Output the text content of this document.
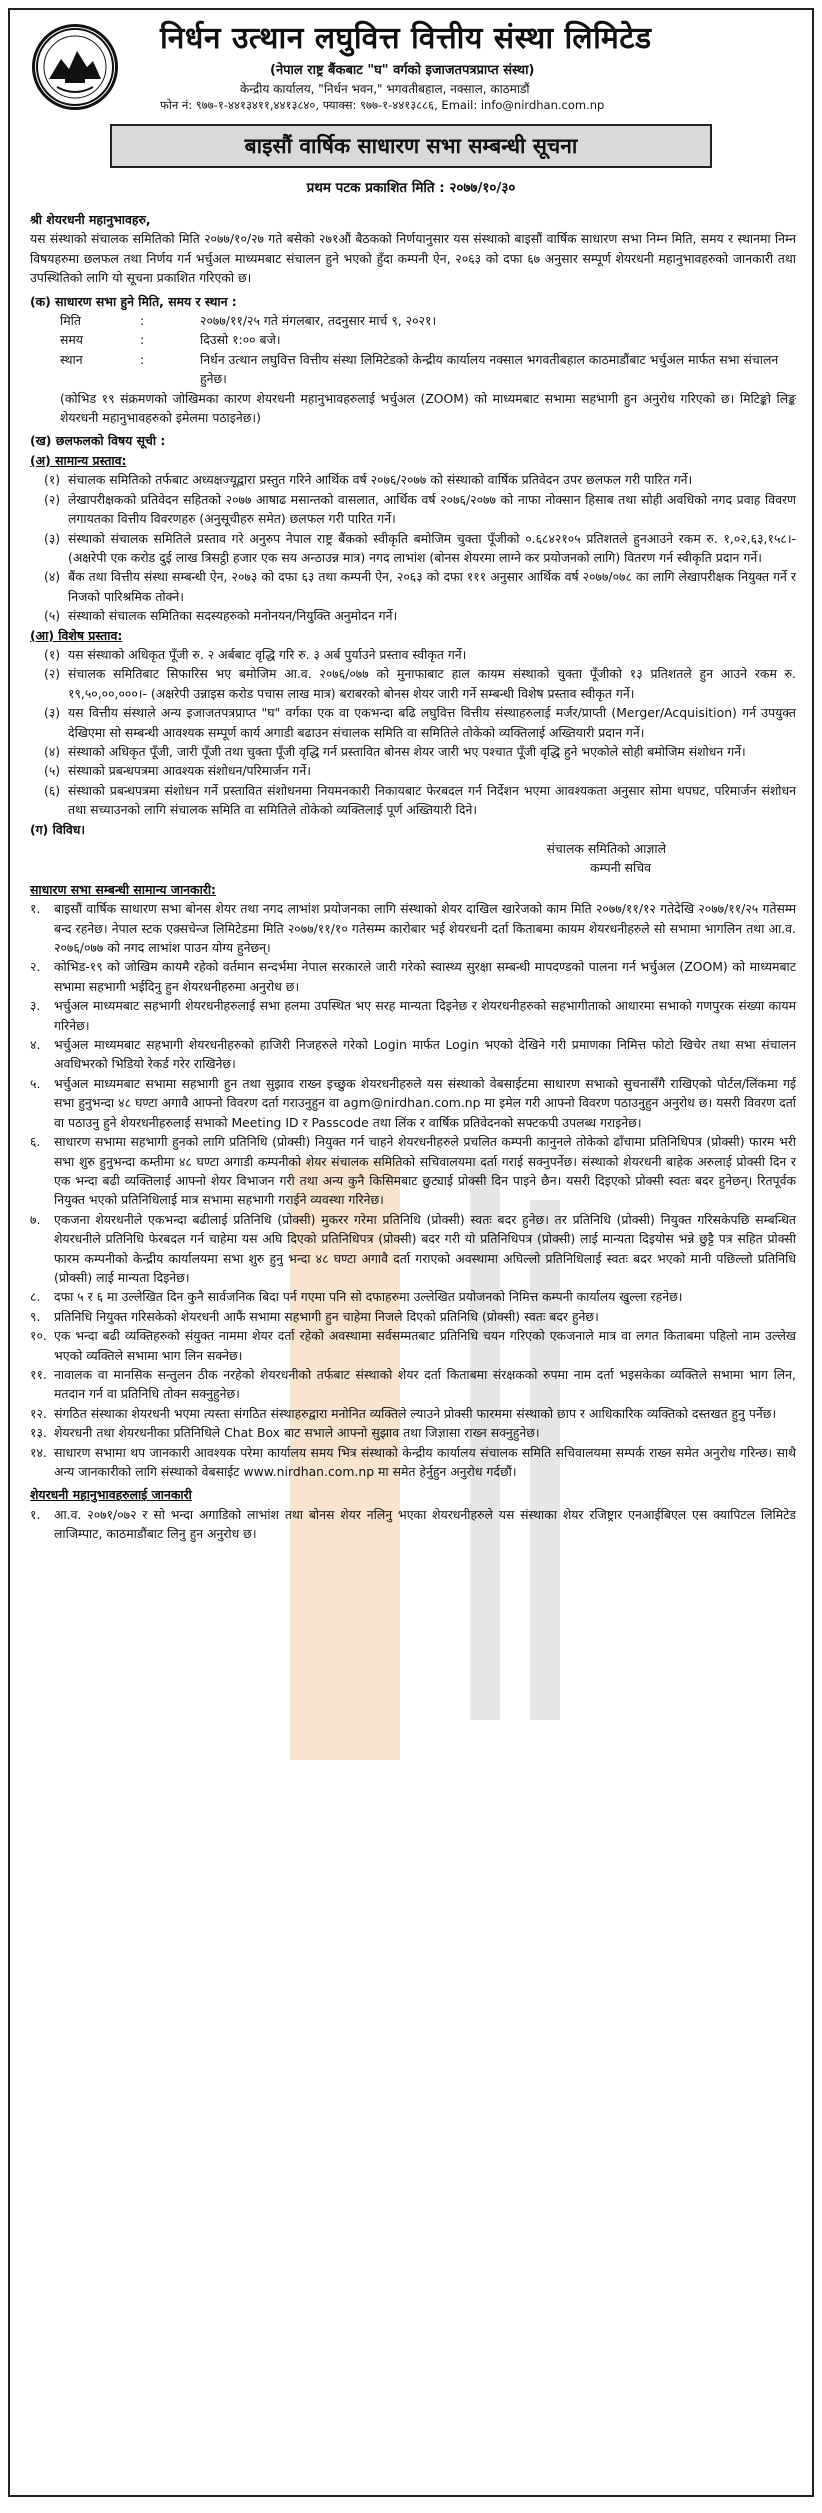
निर्धन उत्थान लघुवित्त वित्तीय संस्था लिमिटेड
(नेपाल राष्ट्र बैंकबाट "घ" वर्गको इजाजतपत्रप्राप्त संस्था)
केन्द्रीय कार्यालय, "निर्धन भवन," भगवतीबहाल, नक्साल, काठमाडौं
फोन नं: ९७७-१-४४१३४११,४४१३८४०, फ्याक्स: ९७७-१-४४१३८८६, Email: info@nirdhan.com.np
बाइसौं वार्षिक साधारण सभा सम्बन्धी सूचना
प्रथम पटक प्रकाशित मिति : २०७७/१०/३०

श्री शेयरधनी महानुभावहरु,

यस संस्थाको संचालक समितिको मिति २०७७/१०/२७ गते बसेको २७१औं बैठकको निर्णयानुसार यस संस्थाको बाइसौं वार्षिक साधारण सभा निम्न मिति, समय र स्थानमा निम्न विषयहरुमा छलफल तथा निर्णय गर्न भर्चुअल माध्यमबाट संचालन हुने भएको हुँदा कम्पनी ऐन, २०६३ को दफा ६७ अनुसार सम्पूर्ण शेयरधनी महानुभावहरुको जानकारी तथा उपस्थितिको लागि यो सूचना प्रकाशित गरिएको छ।

(क) साधारण सभा हुने मिति, समय र स्थान :

मिति	:	२०७७/११/२५ गते मंगलबार, तदनुसार मार्च ९, २०२१।
समय	:	दिउसो १:०० बजे।
स्थान	:	निर्धन उत्थान लघुवित्त वित्तीय संस्था लिमिटेडको केन्द्रीय कार्यालय नक्साल भगवतीबहाल काठमाडौंबाट भर्चुअल मार्फत सभा संचालन हुनेछ।

(कोभिड १९ संक्रमणको जोखिमका कारण शेयरधनी महानुभावहरुलाई भर्चुअल (ZOOM) को माध्यमबाट सभामा सहभागी हुन अनुरोध गरिएको छ। मिटिङ्को लिङ्क शेयरधनी महानुभावहरुको इमेलमा पठाइनेछ।)

(ख) छलफलको विषय सूची :

(अ) सामान्य प्रस्ताव:

(१) संचालक समितिको तर्फबाट अध्यक्षज्यूद्वारा प्रस्तुत गरिने आर्थिक वर्ष २०७६/२०७७ को संस्थाको वार्षिक प्रतिवेदन उपर छलफल गरी पारित गर्ने।
(२) लेखापरीक्षकको प्रतिवेदन सहितको २०७७ आषाढ मसान्तको वासलात, आर्थिक वर्ष २०७६/२०७७ को नाफा नोक्सान हिसाब तथा सोही अवधिको नगद प्रवाह विवरण लगायतका वित्तीय विवरणहरु (अनुसूचीहरु समेत) छलफल गरी पारित गर्ने।
(३) संस्थाको संचालक समितिले प्रस्ताव गरे अनुरुप नेपाल राष्ट्र बैंकको स्वीकृति बमोजिम चुक्ता पूँजीको ०.६८४२१०५ प्रतिशतले हुनआउने रकम रु. १,०२,६३,१५८।- (अक्षरेपी एक करोड दुई लाख त्रिसट्ठी हजार एक सय अन्ठाउन्न मात्र) नगद लाभांश (बोनस शेयरमा लाग्ने कर प्रयोजनको लागि) वितरण गर्न स्वीकृति प्रदान गर्ने।
(४) बैंक तथा वित्तीय संस्था सम्बन्धी ऐन, २०७३ को दफा ६३ तथा कम्पनी ऐन, २०६३ को दफा १११ अनुसार आर्थिक वर्ष २०७७/०७८ का लागि लेखापरीक्षक नियुक्त गर्ने र निजको पारिश्रमिक तोक्ने।
(५) संस्थाको संचालक समितिका सदस्यहरुको मनोनयन/नियुक्ति अनुमोदन गर्ने।

(आ) विशेष प्रस्ताव:

(१) यस संस्थाको अधिकृत पूँजी रु. २ अर्बबाट वृद्धि गरि रु. ३ अर्ब पुर्याउने प्रस्ताव स्वीकृत गर्ने।
(२) संचालक समितिबाट सिफारिस भए बमोजिम आ.व. २०७६/०७७ को मुनाफाबाट हाल कायम संस्थाको चुक्ता पूँजीको १३ प्रतिशतले हुन आउने रकम रु. १९,५०,००,०००।- (अक्षरेपी उन्नाइस करोड पचास लाख मात्र) बराबरको बोनस शेयर जारी गर्ने सम्बन्धी विशेष प्रस्ताव स्वीकृत गर्ने।
(३) यस वित्तीय संस्थाले अन्य इजाजतपत्रप्राप्त "घ" वर्गका एक वा एकभन्दा बढि लघुवित्त वित्तीय संस्थाहरुलाई मर्जर/प्राप्ती (Merger/Acquisition) गर्न उपयुक्त देखिएमा सो सम्बन्धी आवश्यक सम्पूर्ण कार्य अगाडी बढाउन संचालक समिति वा समितिले तोकेको व्यक्तिलाई अख्तियारी प्रदान गर्ने।
(४) संस्थाको अधिकृत पूँजी, जारी पूँजी तथा चुक्ता पूँजी वृद्धि गर्न प्रस्तावित बोनस शेयर जारी भए पश्चात पूँजी वृद्धि हुने भएकोले सोही बमोजिम संशोधन गर्ने।
(५) संस्थाको प्रबन्धपत्रमा आवश्यक संशोधन/परिमार्जन गर्ने।
(६) संस्थाको प्रबन्धपत्रमा संशोधन गर्ने प्रस्तावित संशोधनमा नियमनकारी निकायबाट फेरबदल गर्न निर्देशन भएमा आवश्यकता अनुसार सोमा थपघट, परिमार्जन संशोधन तथा सच्याउनको लागि संचालक समिति वा समितिले तोकेको व्यक्तिलाई पूर्ण अख्तियारी दिने।

(ग) विविध।

संचालक समितिको आज्ञाले

कम्पनी सचिव

साधारण सभा सम्बन्धी सामान्य जानकारी:

१.	बाइसौं वार्षिक साधारण सभा बोनस शेयर तथा नगद लाभांश प्रयोजनका लागि संस्थाको शेयर दाखिल खारेजको काम मिति २०७७/११/१२ गतेदेखि २०७७/११/२५ गतेसम्म बन्द रहनेछ। नेपाल स्टक एक्सचेन्ज लिमिटेडमा मिति २०७७/११/१० गतेसम्म कारोबार भई शेयरधनी दर्ता किताबमा कायम शेयरधनीहरुले सो सभामा भागलिन तथा आ.व. २०७६/०७७ को नगद लाभांश पाउन योग्य हुनेछन्।
२.	कोभिड-१९ को जोखिम कायमै रहेको वर्तमान सन्दर्भमा नेपाल सरकारले जारी गरेको स्वास्थ्य सुरक्षा सम्बन्धी मापदण्डको पालना गर्न भर्चुअल (ZOOM) को माध्यमबाट सभामा सहभागी भईदिनु हुन शेयरधनीहरुमा अनुरोध छ।
३.	भर्चुअल माध्यमबाट सहभागी शेयरधनीहरुलाई सभा हलमा उपस्थित भए सरह मान्यता दिइनेछ र शेयरधनीहरुको सहभागीताको आधारमा सभाको गणपुरक संख्या कायम गरिनेछ।
४.	भर्चुअल माध्यमबाट सहभागी शेयरधनीहरुको हाजिरी निजहरुले गरेको Login मार्फत Login भएको देखिने गरी प्रमाणका निमित्त फोटो खिचेर तथा सभा संचालन अवधिभरको भिडियो रेकर्ड गरेर राखिनेछ।
५.	भर्चुअल माध्यमबाट सभामा सहभागी हुन तथा सुझाव राख्न इच्छुक शेयरधनीहरुले यस संस्थाको वेबसाईटमा साधारण सभाको सुचनासँगै राखिएको पोर्टल/लिंकमा गई सभा हुनुभन्दा ४८ घण्टा अगावै आफ्नो विवरण दर्ता गराउनुहुन वा agm@nirdhan.com.np मा इमेल गरी आफ्नो विवरण पठाउनुहुन अनुरोध छ। यसरी विवरण दर्ता वा पठाउनु हुने शेयरधनीहरुलाई सभाको Meeting ID र Passcode तथा लिंक र वार्षिक प्रतिवेदनको सफ्टकपी उपलब्ध गराइनेछ।
६.	साधारण सभामा सहभागी हुनको लागि प्रतिनिधि (प्रोक्सी) नियुक्त गर्न चाहने शेयरधनीहरुले प्रचलित कम्पनी कानुनले तोकेको ढाँचामा प्रतिनिधिपत्र (प्रोक्सी) फारम भरी सभा शुरु हुनुभन्दा कम्तीमा ४८ घण्टा अगाडी कम्पनीको शेयर संचालक समितिको सचिवालयमा दर्ता गराई सक्नुपर्नेछ। संस्थाको शेयरधनी बाहेक अरुलाई प्रोक्सी दिन र एक भन्दा बढी व्यक्तिलाई आफ्नो शेयर विभाजन गरी तथा अन्य कुनै किसिमबाट छुट्याई प्रोक्सी दिन पाइने छैन। यसरी दिइएको प्रोक्सी स्वतः बदर हुनेछन्। रितपूर्वक नियुक्त भएको प्रतिनिधिलाई मात्र सभामा सहभागी गराईने व्यवस्था गरिनेछ।
७.	एकजना शेयरधनीले एकभन्दा बढीलाई प्रतिनिधि (प्रोक्सी) मुकरर गरेमा प्रतिनिधि (प्रोक्सी) स्वतः बदर हुनेछ। तर प्रतिनिधि (प्रोक्सी) नियुक्त गरिसकेपछि सम्बन्धित शेयरधनीले प्रतिनिधि फेरबदल गर्न चाहेमा यस अघि दिएको प्रतिनिधिपत्र (प्रोक्सी) बदर गरी यो प्रतिनिधिपत्र (प्रोक्सी) लाई मान्यता दिइयोस भन्ने छुट्टै पत्र सहित प्रोक्सी फारम कम्पनीको केन्द्रीय कार्यालयमा सभा शुरु हुनु भन्दा ४८ घण्टा अगावै दर्ता गराएको अवस्थामा अघिल्लो प्रतिनिधिलाई स्वतः बदर भएको मानी पछिल्लो प्रतिनिधि (प्रोक्सी) लाई मान्यता दिइनेछ।
८.	दफा ५ र ६ मा उल्लेखित दिन कुनै सार्वजनिक बिदा पर्न गएमा पनि सो दफाहरुमा उल्लेखित प्रयोजनको निमित्त कम्पनी कार्यालय खुल्ला रहनेछ।
९.	प्रतिनिधि नियुक्त गरिसकेको शेयरधनी आफैं सभामा सहभागी हुन चाहेमा निजले दिएको प्रतिनिधि (प्रोक्सी) स्वतः बदर हुनेछ।
१०. एक भन्दा बढी व्यक्तिहरुको संयुक्त नाममा शेयर दर्ता रहेको अवस्थामा सर्वसम्मतबाट प्रतिनिधि चयन गरिएको एकजनाले मात्र वा लगत किताबमा पहिलो नाम उल्लेख भएको व्यक्तिले सभामा भाग लिन सक्नेछ।
११. नावालक वा मानसिक सन्तुलन ठीक नरहेको शेयरधनीको तर्फबाट संस्थाको शेयर दर्ता किताबमा संरक्षकको रुपमा नाम दर्ता भइसकेका व्यक्तिले सभामा भाग लिन, मतदान गर्न वा प्रतिनिधि तोक्न सक्नुहुनेछ।
१२. संगठित संस्थाका शेयरधनी भएमा त्यस्ता संगठित संस्थाहरुद्वारा मनोनित व्यक्तिले ल्याउने प्रोक्सी फारममा संस्थाको छाप र आधिकारिक व्यक्तिको दस्तखत हुनु पर्नेछ।
१३. शेयरधनी तथा शेयरधनीका प्रतिनिधिले Chat Box बाट सभाले आफ्नो सुझाव तथा जिज्ञासा राख्न सक्नुहुनेछ।
१४. साधारण सभामा थप जानकारी आवश्यक परेमा कार्यालय समय भित्र संस्थाको केन्द्रीय कार्यालय संचालक समिति सचिवालयमा सम्पर्क राख्न समेत अनुरोध गरिन्छ। साथै अन्य जानकारीको लागि संस्थाको वेबसाईट www.nirdhan.com.np मा समेत हेर्नुहुन अनुरोध गर्दछौं।

शेयरधनी महानुभावहरुलाई जानकारी

१.	आ.व. २०७१/०७२ र सो भन्दा अगाडिको लाभांश तथा बोनस शेयर नलिनु भएका शेयरधनीहरुले यस संस्थाका शेयर रजिष्ट्रार एनआईबिएल एस क्यापिटल लिमिटेड लाजिम्पाट, काठमाडौंबाट लिनु हुन अनुरोध छ।
